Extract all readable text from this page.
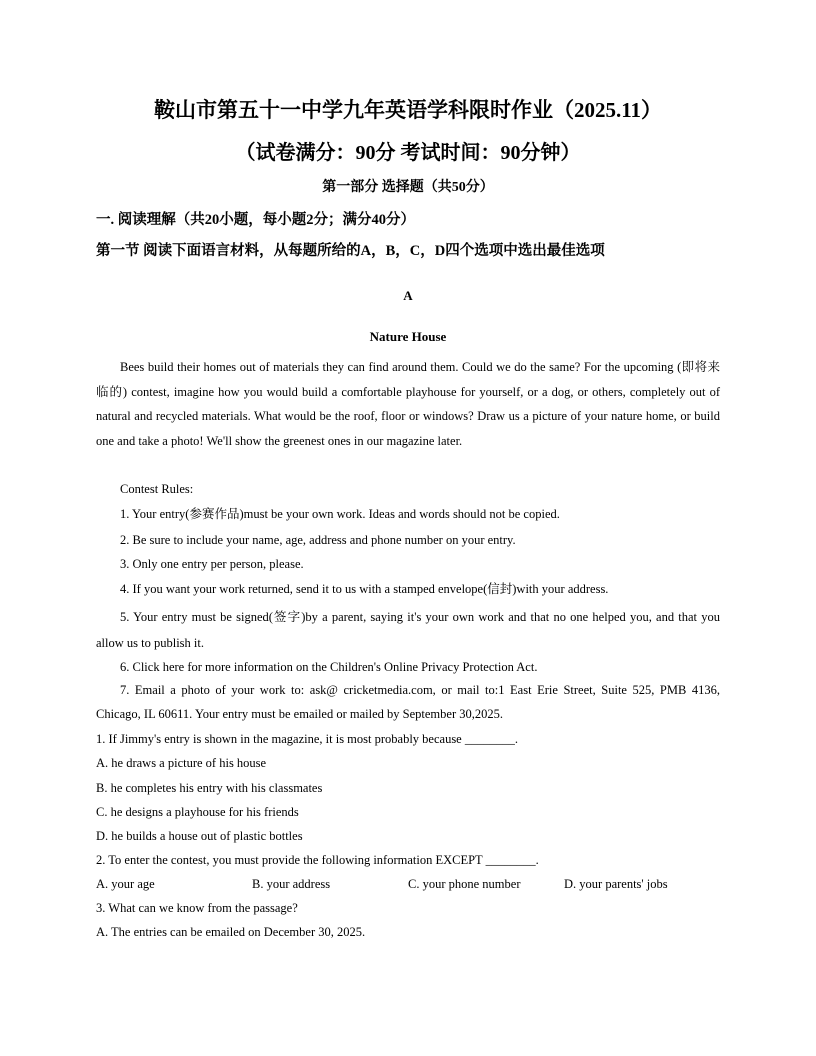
鞍山市第五十一中学九年英语学科限时作业（2025.11）
（试卷满分：90分 考试时间：90分钟）
第一部分 选择题（共50分）
一. 阅读理解（共20小题，每小题2分；满分40分）
第一节 阅读下面语言材料，从每题所给的A，B，C，D四个选项中选出最佳选项
A
Nature House

Bees build their homes out of materials they can find around them. Could we do the same? For the upcoming (即将来临的) contest, imagine how you would build a comfortable playhouse for yourself, or a dog, or others, completely out of natural and recycled materials. What would be the roof, floor or windows? Draw us a picture of your nature home, or build one and take a photo! We'll show the greenest ones in our magazine later.

Contest Rules:
1. Your entry(参赛作品)must be your own work. Ideas and words should not be copied.
2. Be sure to include your name, age, address and phone number on your entry.
3. Only one entry per person, please.
4. If you want your work returned, send it to us with a stamped envelope(信封)with your address.

5. Your entry must be signed(签字)by a parent, saying it's your own work and that no one helped you, and that you allow us to publish it.

6. Click here for more information on the Children's Online Privacy Protection Act.

7. Email a photo of your work to: ask@ cricketmedia.com, or mail to:1 East Erie Street, Suite 525, PMB 4136, Chicago, IL 60611. Your entry must be emailed or mailed by September 30,2025.

1. If Jimmy's entry is shown in the magazine, it is most probably because ________.
A. he draws a picture of his house
B. he completes his entry with his classmates
C. he designs a playhouse for his friends
D. he builds a house out of plastic bottles
2. To enter the contest, you must provide the following information EXCEPT ________.
A. your age	B. your address	C. your phone number	D. your parents' jobs
3. What can we know from the passage?
A. The entries can be emailed on December 30, 2025.
